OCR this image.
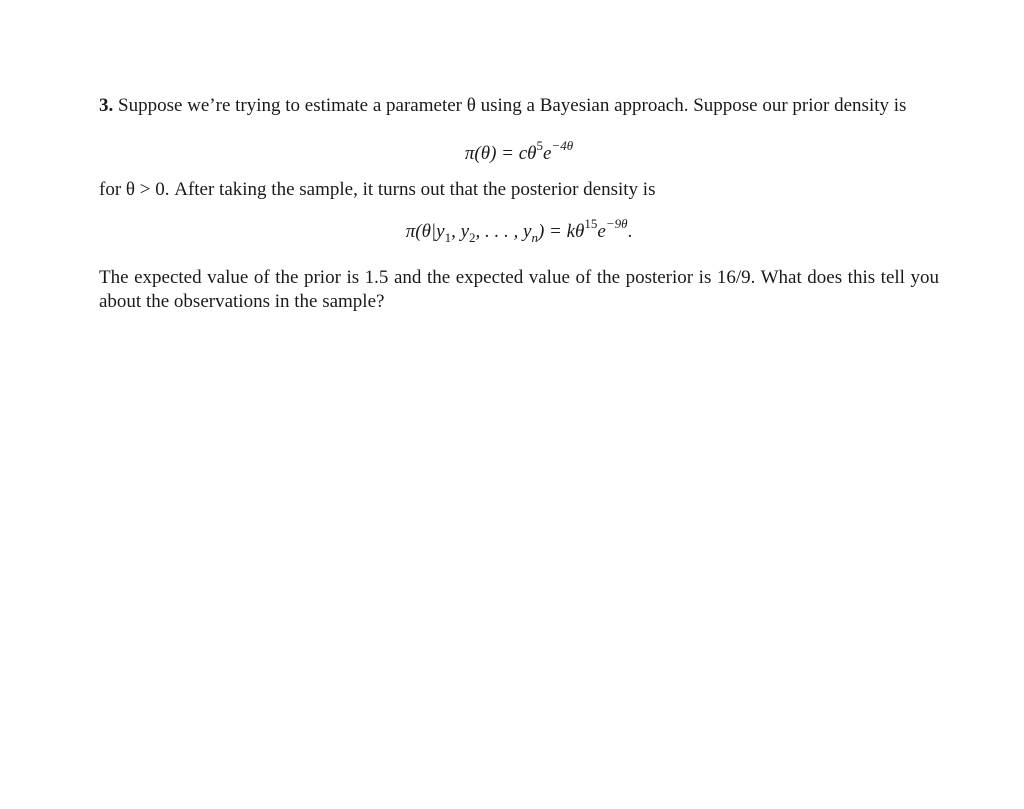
3. Suppose we’re trying to estimate a parameter θ using a Bayesian approach. Suppose our prior density is

$\pi(\theta) = c\theta^5e^{-4\theta}$

for θ > 0. After taking the sample, it turns out that the posterior density is

$\pi(\theta|y_1$, $y_2$, . . . , $y_n) = k\theta^{15}e^{-9\theta}$.

The expected value of the prior is 1.5 and the expected value of the posterior is 16/9. What does this tell you about the observations in the sample?
